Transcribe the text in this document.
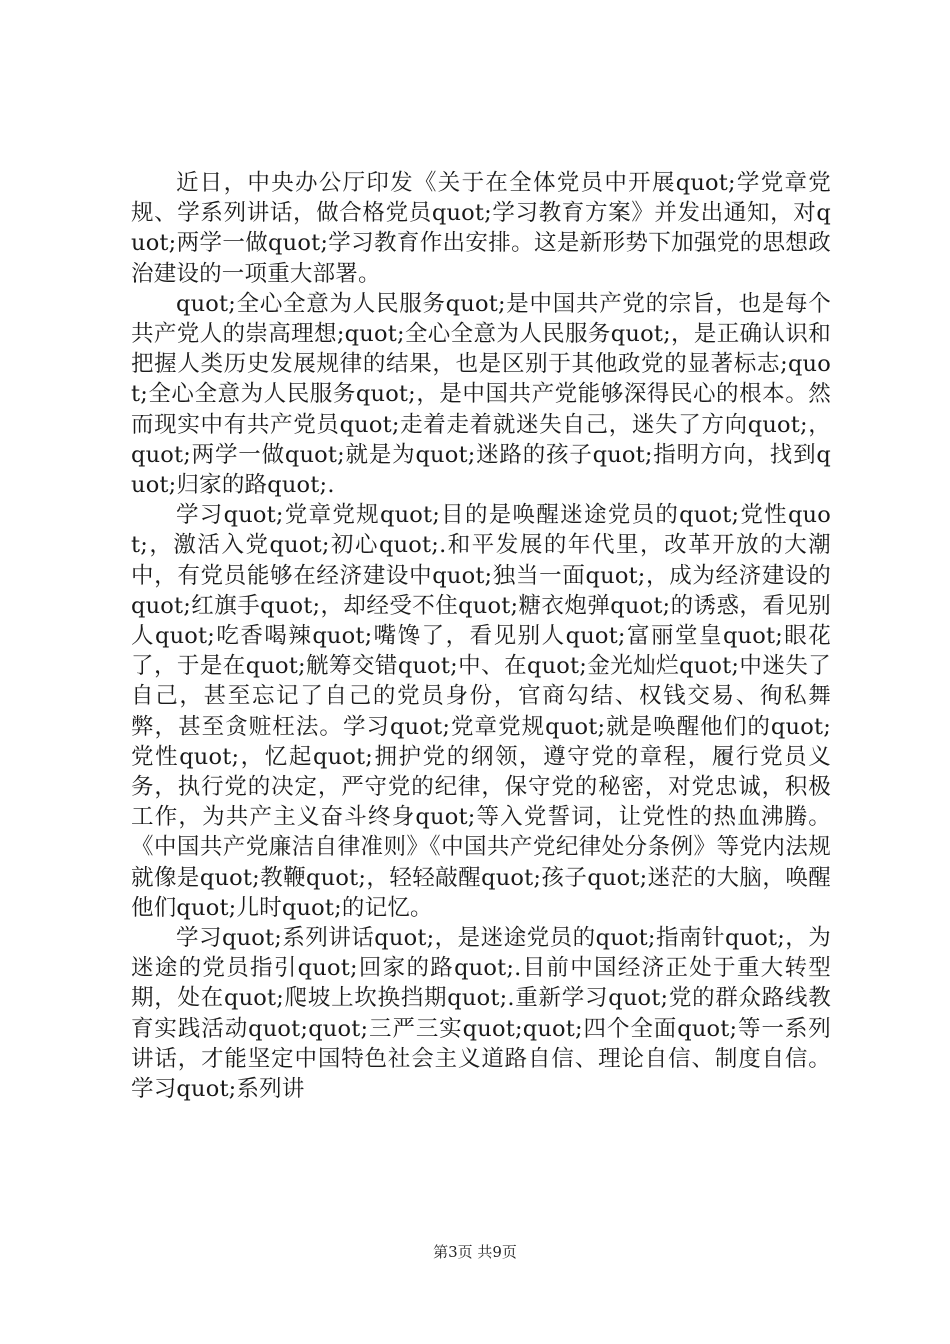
近日，中央办公厅印发《关于在全体党员中开展quot;学党章党规、学系列讲话，做合格党员quot;学习教育方案》并发出通知，对quot;两学一做quot;学习教育作出安排。这是新形势下加强党的思想政治建设的一项重大部署。

quot;全心全意为人民服务quot;是中国共产党的宗旨，也是每个共产党人的崇高理想;quot;全心全意为人民服务quot;，是正确认识和把握人类历史发展规律的结果，也是区别于其他政党的显著标志;quot;全心全意为人民服务quot;，是中国共产党能够深得民心的根本。然而现实中有共产党员quot;走着走着就迷失自己，迷失了方向quot;，quot;两学一做quot;就是为quot;迷路的孩子quot;指明方向，找到quot;归家的路quot;.

学习quot;党章党规quot;目的是唤醒迷途党员的quot;党性quot;，激活入党quot;初心quot;.和平发展的年代里，改革开放的大潮中，有党员能够在经济建设中quot;独当一面quot;，成为经济建设的quot;红旗手quot;，却经受不住quot;糖衣炮弹quot;的诱惑，看见别人quot;吃香喝辣quot;嘴馋了，看见别人quot;富丽堂皇quot;眼花了，于是在quot;觥筹交错quot;中、在quot;金光灿烂quot;中迷失了自己，甚至忘记了自己的党员身份，官商勾结、权钱交易、徇私舞弊，甚至贪赃枉法。学习quot;党章党规quot;就是唤醒他们的quot;党性quot;，忆起quot;拥护党的纲领，遵守党的章程，履行党员义务，执行党的决定，严守党的纪律，保守党的秘密，对党忠诚，积极工作，为共产主义奋斗终身quot;等入党誓词，让党性的热血沸腾。《中国共产党廉洁自律准则》《中国共产党纪律处分条例》等党内法规就像是quot;教鞭quot;，轻轻敲醒quot;孩子quot;迷茫的大脑，唤醒他们quot;儿时quot;的记忆。

学习quot;系列讲话quot;，是迷途党员的quot;指南针quot;，为迷途的党员指引quot;回家的路quot;.目前中国经济正处于重大转型期，处在quot;爬坡上坎换挡期quot;.重新学习quot;党的群众路线教育实践活动quot;quot;三严三实quot;quot;四个全面quot;等一系列讲话，才能坚定中国特色社会主义道路自信、理论自信、制度自信。学习quot;系列讲

第3页 共9页
